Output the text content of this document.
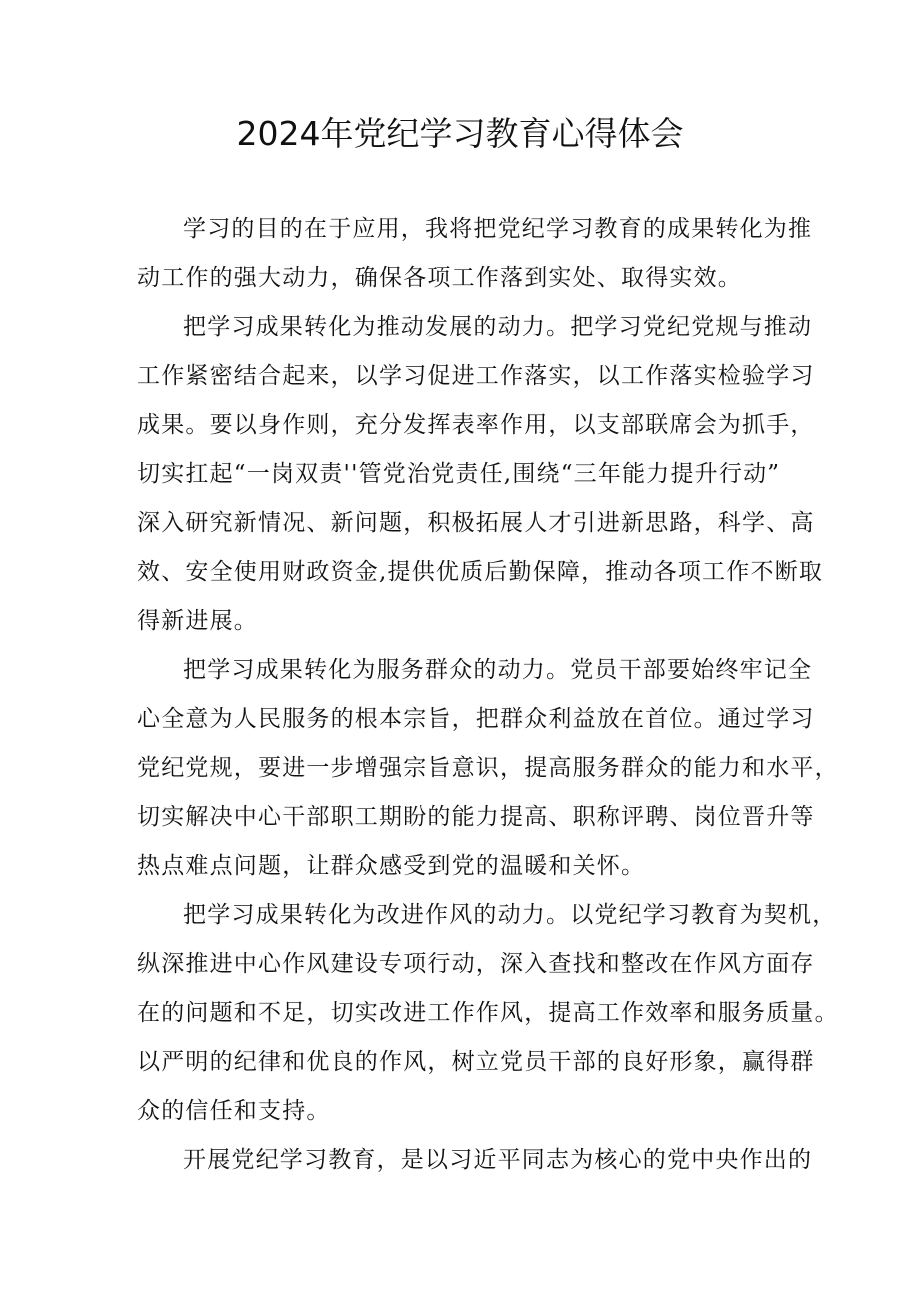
2024年党纪学习教育心得体会
学习的目的在于应用，我将把党纪学习教育的成果转化为推
动工作的强大动力，确保各项工作落到实处、取得实效。
把学习成果转化为推动发展的动力。把学习党纪党规与推动
工作紧密结合起来，以学习促进工作落实，以工作落实检验学习
成果。要以身作则，充分发挥表率作用，以支部联席会为抓手，
切实扛起“一岗双责''管党治党责任,围绕“三年能力提升行动”
深入研究新情况、新问题，积极拓展人才引进新思路，科学、高
效、安全使用财政资金,提供优质后勤保障，推动各项工作不断取
得新进展。
把学习成果转化为服务群众的动力。党员干部要始终牢记全
心全意为人民服务的根本宗旨，把群众利益放在首位。通过学习
党纪党规，要进一步增强宗旨意识，提高服务群众的能力和水平，
切实解决中心干部职工期盼的能力提高、职称评聘、岗位晋升等
热点难点问题，让群众感受到党的温暖和关怀。
把学习成果转化为改进作风的动力。以党纪学习教育为契机，
纵深推进中心作风建设专项行动，深入查找和整改在作风方面存
在的问题和不足，切实改进工作作风，提高工作效率和服务质量。
以严明的纪律和优良的作风，树立党员干部的良好形象，赢得群
众的信任和支持。
开展党纪学习教育，是以习近平同志为核心的党中央作出的
